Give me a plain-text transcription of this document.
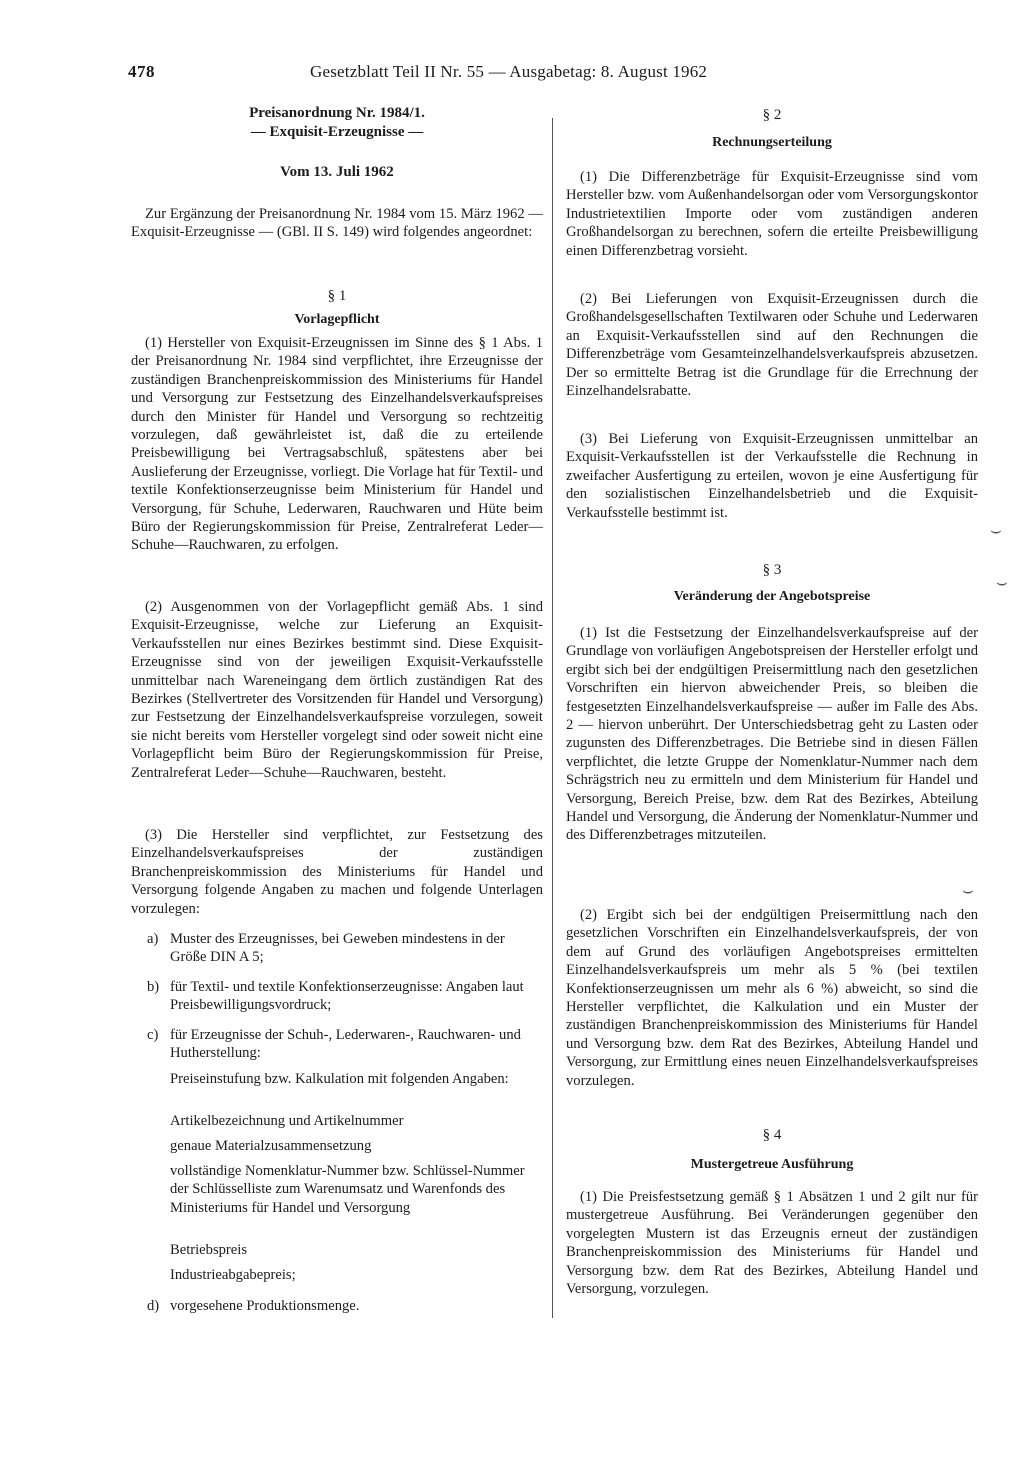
478	Gesetzblatt Teil II Nr. 55 — Ausgabetag: 8. August 1962

Preisanordnung Nr. 1984/1.

— Exquisit-Erzeugnisse —

Vom 13. Juli 1962

Zur Ergänzung der Preisanordnung Nr. 1984 vom 15. März 1962 — Exquisit-Erzeugnisse — (GBl. II S. 149) wird folgendes angeordnet:

§ 1

Vorlagepflicht

(1) Hersteller von Exquisit-Erzeugnissen im Sinne des § 1 Abs. 1 der Preisanordnung Nr. 1984 sind verpflichtet, ihre Erzeugnisse der zuständigen Branchenpreiskommission des Ministeriums für Handel und Versorgung zur Festsetzung des Einzelhandelsverkaufspreises durch den Minister für Handel und Versorgung so rechtzeitig vorzulegen, daß gewährleistet ist, daß die zu erteilende Preisbewilligung bei Vertragsabschluß, spätestens aber bei Auslieferung der Erzeugnisse, vorliegt. Die Vorlage hat für Textil- und textile Konfektionserzeugnisse beim Ministerium für Handel und Versorgung, für Schuhe, Lederwaren, Rauchwaren und Hüte beim Büro der Regierungskommission für Preise, Zentralreferat Leder—Schuhe—Rauchwaren, zu erfolgen.

(2) Ausgenommen von der Vorlagepflicht gemäß Abs. 1 sind Exquisit-Erzeugnisse, welche zur Lieferung an Exquisit-Verkaufsstellen nur eines Bezirkes bestimmt sind. Diese Exquisit-Erzeugnisse sind von der jeweiligen Exquisit-Verkaufsstelle unmittelbar nach Wareneingang dem örtlich zuständigen Rat des Bezirkes (Stellvertreter des Vorsitzenden für Handel und Versorgung) zur Festsetzung der Einzelhandelsverkaufspreise vorzulegen, soweit sie nicht bereits vom Hersteller vorgelegt sind oder soweit nicht eine Vorlagepflicht beim Büro der Regierungskommission für Preise, Zentralreferat Leder—Schuhe—Rauchwaren, besteht.

(3) Die Hersteller sind verpflichtet, zur Festsetzung des Einzelhandelsverkaufspreises der zuständigen Branchenpreiskommission des Ministeriums für Handel und Versorgung folgende Angaben zu machen und folgende Unterlagen vorzulegen:

a) Muster des Erzeugnisses, bei Geweben mindestens in der Größe DIN A 5;
b) für Textil- und textile Konfektionserzeugnisse: Angaben laut Preisbewilligungsvordruck;
c) für Erzeugnisse der Schuh-, Lederwaren-, Rauchwaren- und Hutherstellung:

Preiseinstufung bzw. Kalkulation mit folgenden Angaben:

Artikelbezeichnung und Artikelnummer

genaue Materialzusammensetzung

vollständige Nomenklatur-Nummer bzw. Schlüssel-Nummer der Schlüsselliste zum Warenumsatz und Warenfonds des Ministeriums für Handel und Versorgung

Betriebspreis

Industrieabgabepreis;

d) vorgesehene Produktionsmenge.

§ 2

Rechnungserteilung

(1) Die Differenzbeträge für Exquisit-Erzeugnisse sind vom Hersteller bzw. vom Außenhandelsorgan oder vom Versorgungskontor Industrietextilien Importe oder vom zuständigen anderen Großhandelsorgan zu berechnen, sofern die erteilte Preisbewilligung einen Differenzbetrag vorsieht.

(2) Bei Lieferungen von Exquisit-Erzeugnissen durch die Großhandelsgesellschaften Textilwaren oder Schuhe und Lederwaren an Exquisit-Verkaufsstellen sind auf den Rechnungen die Differenzbeträge vom Gesamteinzelhandelsverkaufspreis abzusetzen. Der so ermittelte Betrag ist die Grundlage für die Errechnung der Einzelhandelsrabatte.

(3) Bei Lieferung von Exquisit-Erzeugnissen unmittelbar an Exquisit-Verkaufsstellen ist der Verkaufsstelle die Rechnung in zweifacher Ausfertigung zu erteilen, wovon je eine Ausfertigung für den sozialistischen Einzelhandelsbetrieb und die Exquisit-Verkaufsstelle bestimmt ist.

§ 3

Veränderung der Angebotspreise

(1) Ist die Festsetzung der Einzelhandelsverkaufspreise auf der Grundlage von vorläufigen Angebotspreisen der Hersteller erfolgt und ergibt sich bei der endgültigen Preisermittlung nach den gesetzlichen Vorschriften ein hiervon abweichender Preis, so bleiben die festgesetzten Einzelhandelsverkaufspreise — außer im Falle des Abs. 2 — hiervon unberührt. Der Unterschiedsbetrag geht zu Lasten oder zugunsten des Differenzbetrages. Die Betriebe sind in diesen Fällen verpflichtet, die letzte Gruppe der Nomenklatur-Nummer nach dem Schrägstrich neu zu ermitteln und dem Ministerium für Handel und Versorgung, Bereich Preise, bzw. dem Rat des Bezirkes, Abteilung Handel und Versorgung, die Änderung der Nomenklatur-Nummer und des Differenzbetrages mitzuteilen.

(2) Ergibt sich bei der endgültigen Preisermittlung nach den gesetzlichen Vorschriften ein Einzelhandelsverkaufspreis, der von dem auf Grund des vorläufigen Angebotspreises ermittelten Einzelhandelsverkaufspreis um mehr als 5 % (bei textilen Konfektionserzeugnissen um mehr als 6 %) abweicht, so sind die Hersteller verpflichtet, die Kalkulation und ein Muster der zuständigen Branchenpreiskommission des Ministeriums für Handel und Versorgung bzw. dem Rat des Bezirkes, Abteilung Handel und Versorgung, zur Ermittlung eines neuen Einzelhandelsverkaufspreises vorzulegen.

§ 4

Mustergetreue Ausführung

(1) Die Preisfestsetzung gemäß § 1 Absätzen 1 und 2 gilt nur für mustergetreue Ausführung. Bei Veränderungen gegenüber den vorgelegten Mustern ist das Erzeugnis erneut der zuständigen Branchenpreiskommission des Ministeriums für Handel und Versorgung bzw. dem Rat des Bezirkes, Abteilung Handel und Versorgung, vorzulegen.

⌣
⌣
⌣
